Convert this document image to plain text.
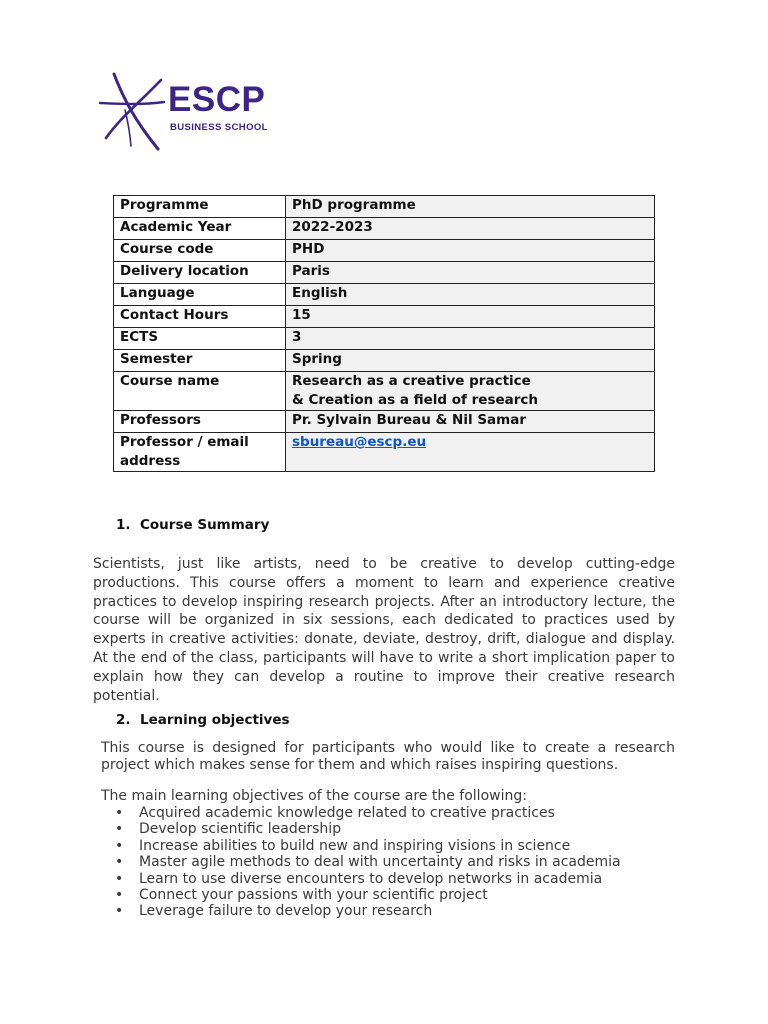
ESCP
BUSINESS SCHOOL
Programme	PhD programme
Academic Year	2022-2023
Course code	PHD
Delivery location	Paris
Language	English
Contact Hours	15
ECTS	3
Semester	Spring
Course name	Research as a creative practice
& Creation as a field of research

Professors	Pr. Sylvain Bureau & Nil Samar

Professor / email
address	sbureau@escp.eu
1. Course Summary

Scientists, just like artists, need to be creative to develop cutting-edge productions. This course offers a moment to learn and experience creative practices to develop inspiring research projects. After an introductory lecture, the course will be organized in six sessions, each dedicated to practices used by experts in creative activities: donate, deviate, destroy, drift, dialogue and display. At the end of the class, participants will have to write a short implication paper to explain how they can develop a routine to improve their creative research potential.

2. Learning objectives

This course is designed for participants who would like to create a research project which makes sense for them and which raises inspiring questions.

The main learning objectives of the course are the following:

• Acquired academic knowledge related to creative practices
• Develop scientific leadership
• Increase abilities to build new and inspiring visions in science
• Master agile methods to deal with uncertainty and risks in academia
• Learn to use diverse encounters to develop networks in academia
• Connect your passions with your scientific project
• Leverage failure to develop your research
